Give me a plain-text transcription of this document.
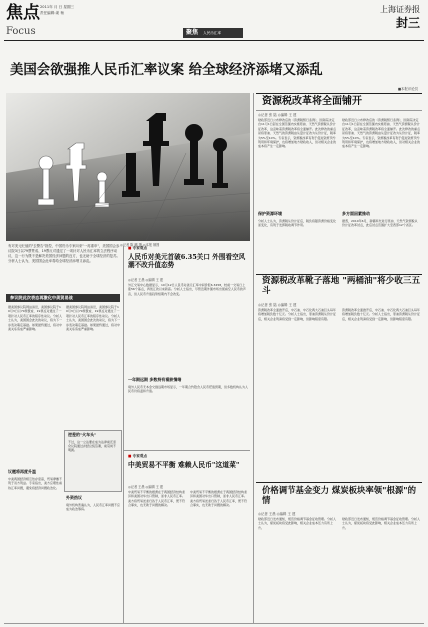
焦点 2011年 月 日 星期三
责任编辑:姜 杨
Focus	聚焦 人民币汇率
上海证券报
封三
美国会欲强推人民币汇率议案 给全球经济添堵又添乱
■本报评论员
◎记者 陈 鹏 摄 ◎本报 制图
有对美元贬值的"去警告"指控，中国货币专家向来"一再重申"，美国国会参议院3日以79票赞成、19票反对通过了一项针对人民币汇率的立法程序动议，这一行为既不是解决美国经济问题的良方，也无助于全球经济的复苏。分析人士认为，美国国会此举将给全球经济添堵又添乱。
资源税改革将全面铺开
◎记者 张 陆 ◎编辑 王 建
财政部近日公布修改后的《资源税暂行条例》，国务院决定自11月1日起在全国范围内实施原油、天然气资源税从价计征改革，这意味着资源税改革将全面铺开。此次修改的重点是将原油、天然气的资源税由从量计征改为从价计征，税率为5%至10%。专家表示，资源税改革有利于促进资源节约利用和环境保护，也将增加地方财政收入，但对相关企业的成本将产生一定影响。
财政部近日公布修改后的《资源税暂行条例》，国务院决定自11月1日起在全国范围内实施原油、天然气资源税从价计征改革，这意味着资源税改革将全面铺开。此次修改的重点是将原油、天然气的资源税由从量计征改为从价计征，税率为5%至10%。专家表示，资源税改革有利于促进资源节约利用和环境保护，也将增加地方财政收入，但对相关企业的成本将产生一定影响。
保护资源环境
分析人士认为，资源税从价计征后，税负将随资源价格变化而变化，有利于发挥税收调节作用。
多方面因素推动
据悉，2010年6月，新疆率先进行原油、天然气资源税从价计征改革试点，此后试点范围扩大至西部12个省区。
资源税改革靴子落地 "两桶油"将少收三五斗
◎记者 张 陆 ◎编辑 王 建
资源税改革全面推开后，中石油、中石化两大石油巨头每年将增加税负数十亿元。分析人士指出，原油资源税从价计征后，相关企业利润将受到一定影响，但影响程度有限。
资源税改革全面推开后，中石油、中石化两大石油巨头每年将增加税负数十亿元。分析人士指出，原油资源税从价计征后，相关企业利润将受到一定影响，但影响程度有限。
价格调节基金变力 煤炭板块率领"根源"的情
◎记者 王晨 ◎编辑 王 建
财政部近日发布通知，规范价格调节基金征收管理。分析人士认为，煤炭板块将受此影响，相关企业成本压力有所上升。
财政部近日发布通知，规范价格调节基金征收管理。分析人士认为，煤炭板块将受此影响，相关企业成本压力有所上升。
■ 专家观点
人民币对美元首破6.35关口 外围看空风潮不改升值态势
◎记者 王晨 ◎编辑 王 建
外汇交易中心数据显示，10月12日人民币对美元汇率中间价报6.3458，较前一交易日上涨56个基点，再创汇改以来新高。分析人士指出，尽管近期外围市场出现看空人民币的声音，但人民币升值趋势短期内不会改变。
一年期远期 多数持有看跌情绪
境外人民币无本金交割远期市场显示，一年期合约隐含人民币贬值预期，但多数机构认为人民币仍将温和升值。
■ 专家观点
中美贸易不平衡 难赖人民币"这道菜"
◎记者 王晨 ◎编辑 王 建
中美贸易不平衡的根源在于两国经济结构差异和美国对华出口管制，而非人民币汇率。美方将贸易逆差归咎于人民币汇率，既不符合事实，也无助于问题的解决。
中美贸易不平衡的根源在于两国经济结构差异和美国对华出口管制，而非人民币汇率。美方将贸易逆差归咎于人民币汇率，既不符合事实，也无助于问题的解决。
参议院此次表态再激化中美贸易战
据美国参议院网站消息，美国参议院于10月3日以79票赞成、19票反对通过了一项针对人民币汇率的程序性动议。分析人士认为，美国国会此次的动议，将为下一步表决奠定基础。如果最终通过，将对中美关系造成严重影响。
据美国参议院网站消息，美国参议院于10月3日以79票赞成、19票反对通过了一项针对人民币汇率的程序性动议。分析人士认为，美国国会此次的动议，将为下一步表决奠定基础。如果最终通过，将对中美关系造成严重影响。
议题将再度升温
中美两国经济相互依存度高，贸易摩擦不利于双方利益。专家指出，美方应理性看待汇率问题，避免将经济问题政治化。
逆差的"火车头"
不过，这一立法要在成为法律前还需众议院通过并经总统签署，前景尚不明朗。
外资热议
境外机构普遍认为，人民币汇率问题不应成为政治筹码。
